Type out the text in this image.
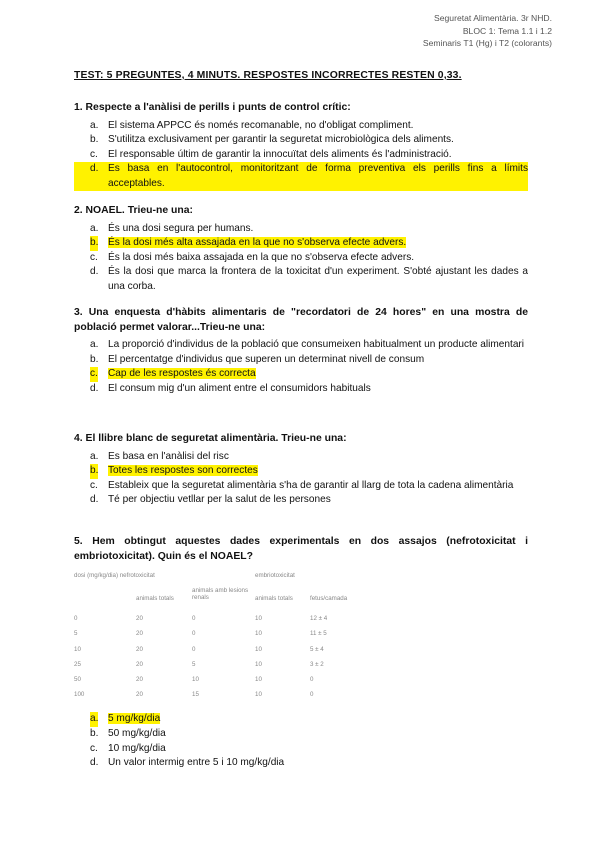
Seguretat Alimentària. 3r NHD.
BLOC 1: Tema 1.1 i 1.2
Seminaris T1 (Hg) i T2 (colorants)
TEST: 5 PREGUNTES, 4 MINUTS. RESPOSTES INCORRECTES RESTEN 0,33.
1. Respecte a l'anàlisi de perills i punts de control crític:
a. El sistema APPCC és només recomanable, no d'obligat compliment.
b. S'utilitza exclusivament per garantir la seguretat microbiològica dels aliments.
c. El responsable últim de garantir la innocuïtat dels aliments és l'administració.
d. Es basa en l'autocontrol, monitoritzant de forma preventiva els perills fins a límits acceptables.
2. NOAEL. Trieu-ne una:
a. És una dosi segura per humans.
b. És la dosi més alta assajada en la que no s'observa efecte advers.
c. És la dosi més baixa assajada en la que no s'observa efecte advers.
d. És la dosi que marca la frontera de la toxicitat d'un experiment. S'obté ajustant les dades a una corba.
3. Una enquesta d'hàbits alimentaris de "recordatori de 24 hores" en una mostra de població permet valorar...Trieu-ne una:
a. La proporció d'individus de la població que consumeixen habitualment un producte alimentari
b. El percentatge d'individus que superen un determinat nivell de consum
c. Cap de les respostes és correcta
d. El consum mig d'un aliment entre el consumidors habituals
4. El llibre blanc de seguretat alimentària. Trieu-ne una:
a. Es basa en l'anàlisi del risc
b. Totes les respostes son correctes
c. Estableix que la seguretat alimentària s'ha de garantir al llarg de tota la cadena alimentària
d. Té per objectiu vetllar per la salut de les persones
5. Hem obtingut aquestes dades experimentals en dos assajos (nefrotoxicitat i embriotoxicitat). Quin és el NOAEL?
dosi (mg/kg/dia) nefrotoxicitat			embriotoxicitat	
	animals totals	animals amb lesions renals	animals totals	fetus/camada
0	20	0	10	12 ± 4
5	20	0	10	11 ± 5
10	20	0	10	5 ± 4
25	20	5	10	3 ± 2
50	20	10	10	0
100	20	15	10	0
a. 5 mg/kg/dia
b. 50 mg/kg/dia
c. 10 mg/kg/dia
d. Un valor intermig entre 5 i 10 mg/kg/dia
